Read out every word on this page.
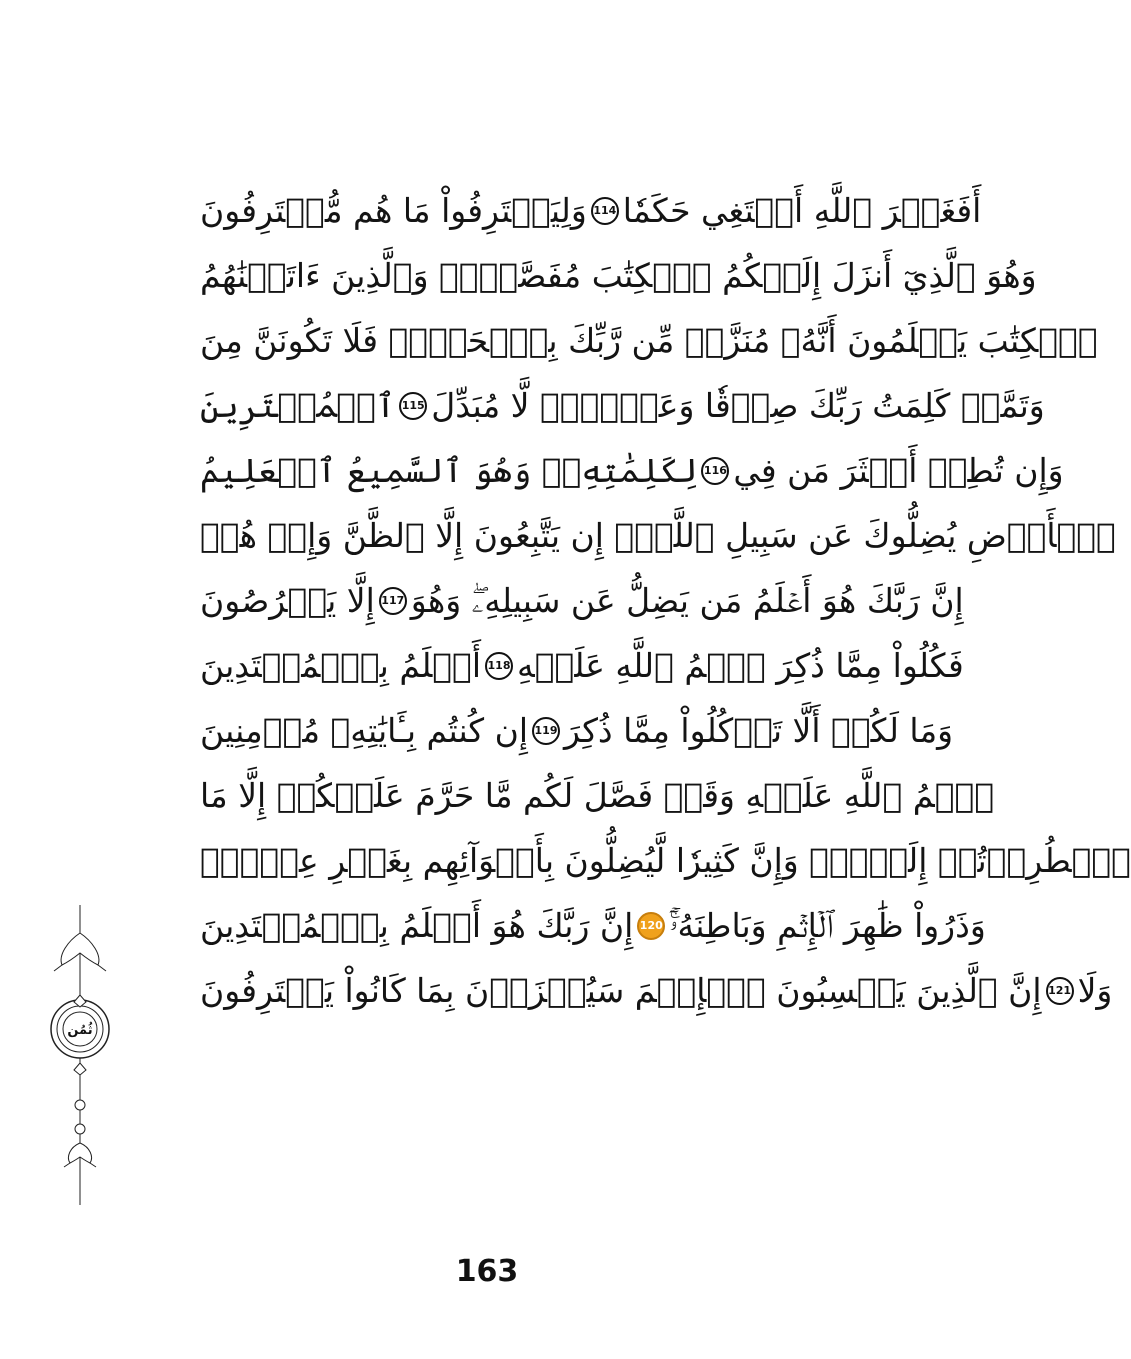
وَلِيَقۡتَرِفُواْ مَا هُم مُّقۡتَرِفُونَ 114 أَفَغَيۡرَ ٱللَّهِ أَبۡتَغِي حَكَمٗا
وَهُوَ ٱلَّذِيٓ أَنزَلَ إِلَيۡكُمُ ٱلۡكِتَٰبَ مُفَصَّلٗاۚ وَٱلَّذِينَ ءَاتَيۡنَٰهُمُ
ٱلۡكِتَٰبَ يَعۡلَمُونَ أَنَّهُۥ مُنَزَّلٞ مِّن رَّبِّكَ بِٱلۡحَقِّۖ فَلَا تَكُونَنَّ مِنَ
ٱلۡمُمۡتَرِينَ 115 وَتَمَّتۡ كَلِمَتُ رَبِّكَ صِدۡقٗا وَعَدۡلٗاۚ لَّا مُبَدِّلَ
لِكَلِمَٰتِهِۦۚ وَهُوَ ٱلسَّمِيعُ ٱلۡعَلِيمُ 116 وَإِن تُطِعۡ أَكۡثَرَ مَن فِي
ٱلۡأَرۡضِ يُضِلُّوكَ عَن سَبِيلِ ٱللَّهِۚ إِن يَتَّبِعُونَ إِلَّا ٱلظَّنَّ وَإِنۡ هُمۡ
إِلَّا يَخۡرُصُونَ 117 إِنَّ رَبَّكَ هُوَ أَعۡلَمُ مَن يَضِلُّ عَن سَبِيلِهِۦۖ وَهُوَ
أَعۡلَمُ بِٱلۡمُهۡتَدِينَ 118 فَكُلُواْ مِمَّا ذُكِرَ ٱسۡمُ ٱللَّهِ عَلَيۡهِ
إِن كُنتُم بِـَٔايَٰتِهِۦ مُؤۡمِنِينَ 119 وَمَا لَكُمۡ أَلَّا تَأۡكُلُواْ مِمَّا ذُكِرَ
ٱسۡمُ ٱللَّهِ عَلَيۡهِ وَقَدۡ فَصَّلَ لَكُم مَّا حَرَّمَ عَلَيۡكُمۡ إِلَّا مَا
ٱضۡطُرِرۡتُمۡ إِلَيۡهِۗ وَإِنَّ كَثِيرٗا لَّيُضِلُّونَ بِأَهۡوَآئِهِم بِغَيۡرِ عِلۡمٍۚ
إِنَّ رَبَّكَ هُوَ أَعۡلَمُ بِٱلۡمُعۡتَدِينَ 120 وَذَرُواْ ظَٰهِرَ ٱلۡإِثۡمِ وَبَاطِنَهُۥٓۚ
إِنَّ ٱلَّذِينَ يَكۡسِبُونَ ٱلۡإِثۡمَ سَيُجۡزَوۡنَ بِمَا كَانُواْ يَقۡتَرِفُونَ 121 وَلَا
ثُمُن
163
